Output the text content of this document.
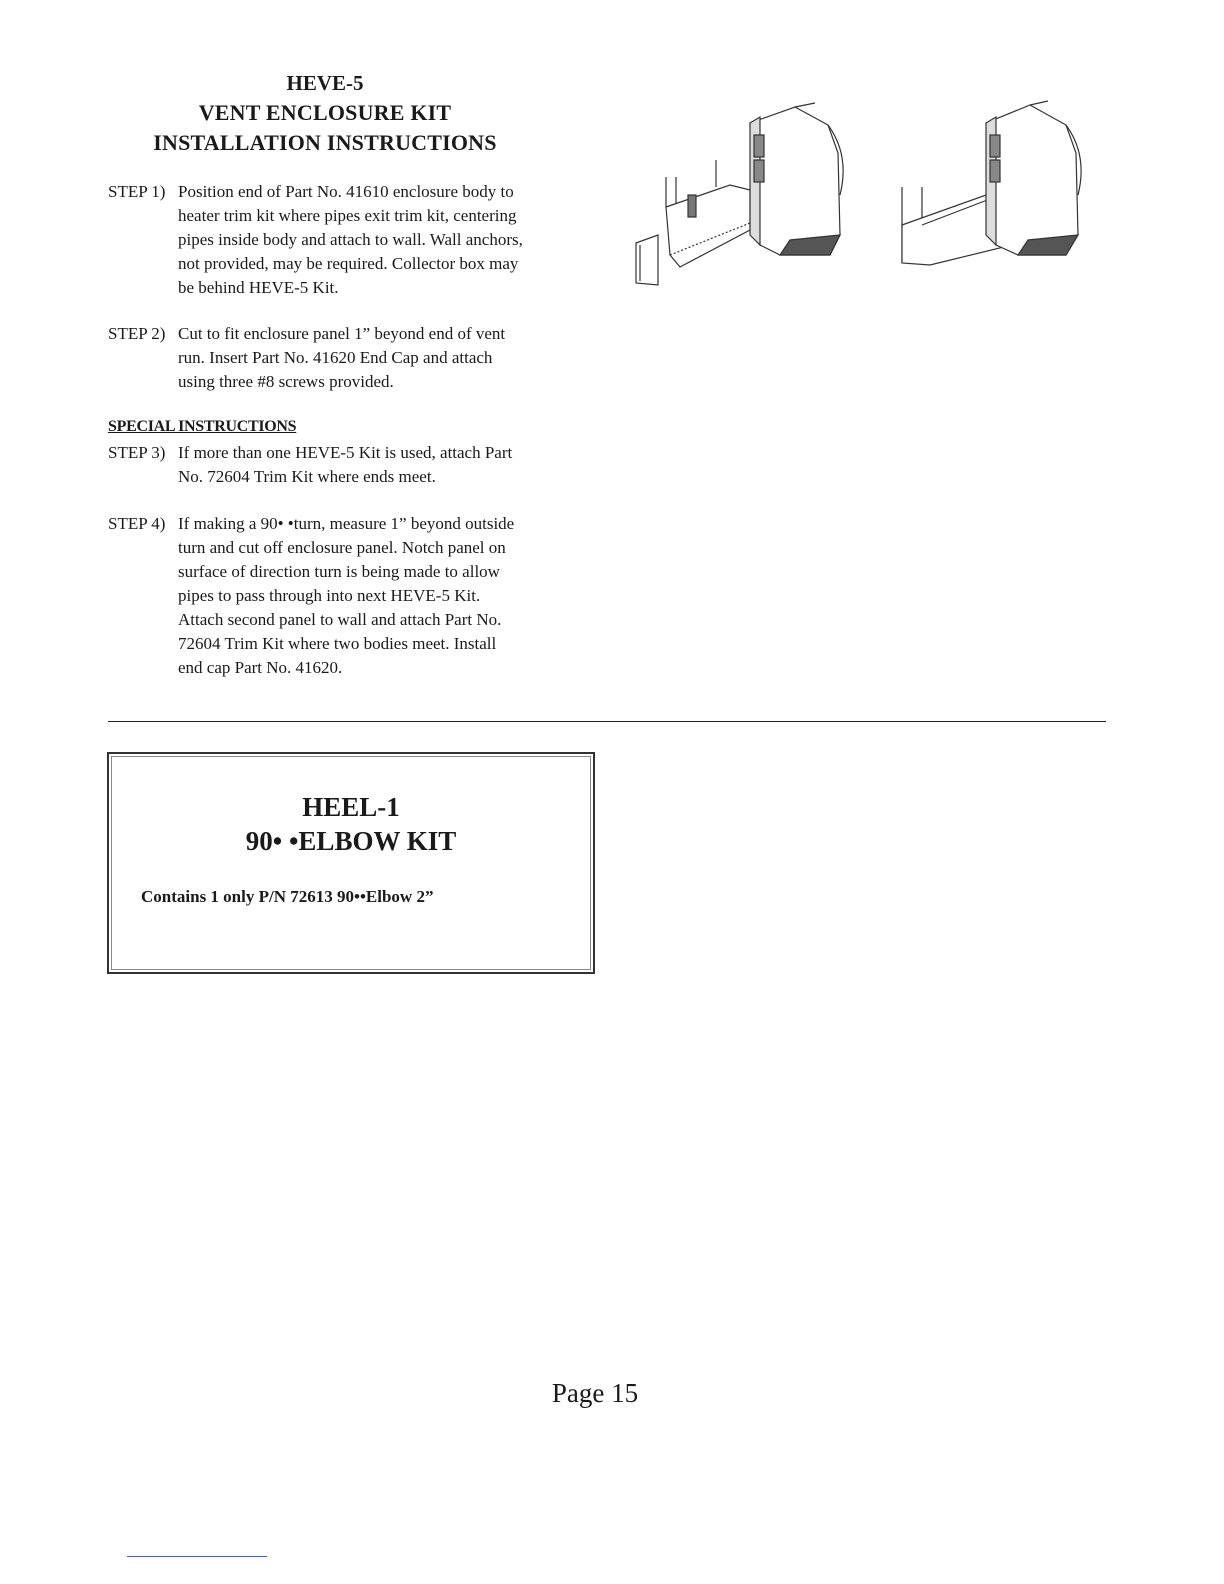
HEVE-5
VENT ENCLOSURE KIT
INSTALLATION INSTRUCTIONS
STEP 1) Position end of Part No. 41610 enclosure body to
heater trim kit where pipes exit trim kit, centering
pipes inside body and attach to wall. Wall anchors,
not provided, may be required. Collector box may
be behind HEVE-5 Kit.
STEP 2) Cut to fit enclosure panel 1” beyond end of vent
run. Insert Part No. 41620 End Cap and attach
using three #8 screws provided.
SPECIAL INSTRUCTIONS
STEP 3) If more than one HEVE-5 Kit is used, attach Part
No. 72604 Trim Kit where ends meet.
STEP 4) If making a 90• •turn, measure 1” beyond outside
turn and cut off enclosure panel. Notch panel on
surface of direction turn is being made to allow
pipes to pass through into next HEVE-5 Kit.
Attach second panel to wall and attach Part No.
72604 Trim Kit where two bodies meet. Install
end cap Part No. 41620.
HEEL-1
90• •ELBOW KIT
Contains 1 only P/N 72613 90••Elbow 2”
Page 15
